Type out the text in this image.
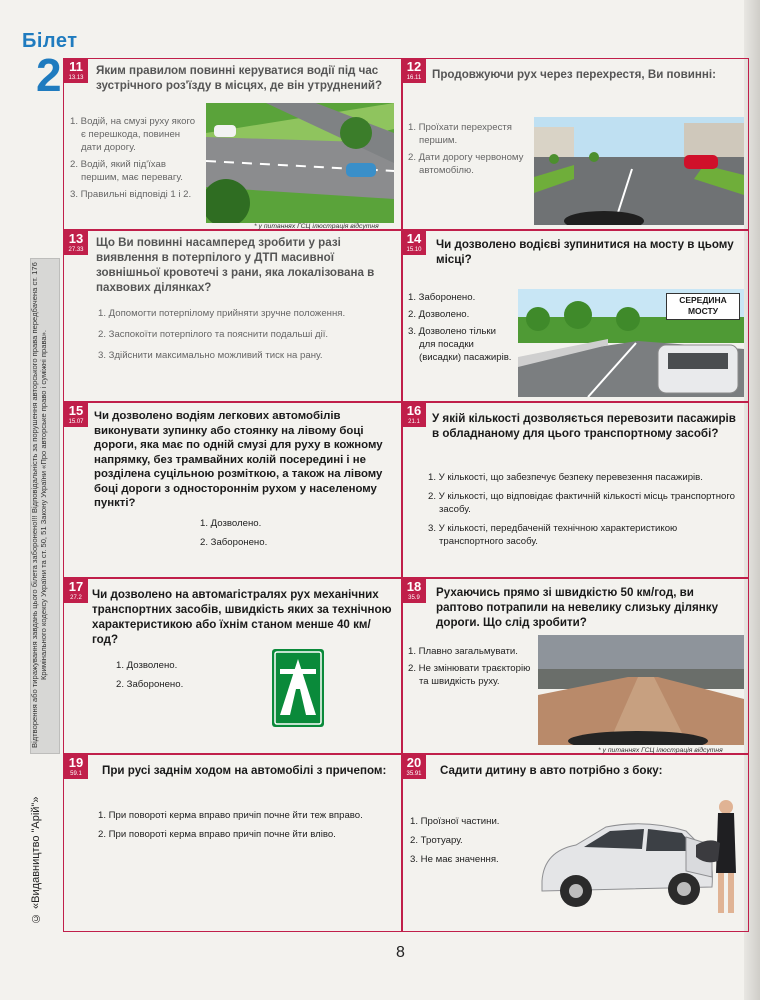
Білет
2
Відтворення або тиражування завдань цього білета заборонено!!! Відповідальність за порушення авторського права передбачена ст. 176 Кримінального кодексу України та ст. 50, 51 Закону України «Про авторське право і суміжні права».
© «Видавництво "Арій"»
11
13.13
Яким правилом повинні керуватися водії під час зустрічного роз'їзду в місцях, де він утруднений?

1. Водій, на смузі руху якого є перешкода, повинен дати дорогу.

2. Водій, який під'їхав першим, має перевагу.

3. Правильні відповіді 1 і 2.

* у питаннях ГСЦ ілюстрація відсутня
12
16.11 Продовжуючи рух через перехрестя, Ви повинні:

1. Проїхати перехрестя першим.

2. Дати дорогу червоному автомобілю.

13
27.33
Що Ви повинні насамперед зробити у разі виявлення в потерпілого у ДТП масивної зовнішньої кровотечі з рани, яка локалізована в пахвових ділянках?

1. Допомогти потерпілому прийняти зручне положення.

2. Заспокоїти потерпілого та пояснити подальші дії.

3. Здійснити максимально можливий тиск на рану.

14
15.10	Чи дозволено водієві зупинитися на мосту в цьому місці?

1. Заборонено.

2. Дозволено.

3. Дозволено тільки для посадки (висадки) пасажирів.

СЕРЕДИНА МОСТУ
15
15.07 Чи дозволено водіям легкових автомобілів виконувати зупинку або стоянку на лівому боці дороги, яка має по одній смузі для руху в кожному напрямку, без трамвайних колій посередині і не розділена суцільною розміткою, а також на лівому боці дороги з одностороннім рухом у населеному пункті?

1. Дозволено.

2. Заборонено.

16
21.1	У якій кількості дозволяється перевозити пасажирів в обладнаному для цього транспортному засобі?

1. У кількості, що забезпечує безпеку перевезення пасажирів.

2. У кількості, що відповідає фактичній кількості місць транспортного засобу.

3. У кількості, передбаченій технічною характеристикою транспортного засобу.

17
27.2 Чи дозволено на автомагістралях рух механічних транспортних засобів, швидкість яких за технічною характеристикою або їхнім станом менше 40 км/год?

1. Дозволено.

2. Заборонено.

18
35.9	Рухаючись прямо зі швидкістю 50 км/год, ви раптово потрапили на невелику слизьку ділянку дороги. Що слід зробити?

1. Плавно загальмувати.

2. Не змінювати траєкторію та швидкість руху.

* у питаннях ГСЦ ілюстрація відсутня
19
59.1	При русі заднім ходом на автомобілі з причепом:

1. При повороті керма вправо причіп почне йти теж вправо.

2. При повороті керма вправо причіп почне йти вліво.

20
35.91	Садити дитину в авто потрібно з боку:

1. Проїзної частини.

2. Тротуару.

3. Не має значення.

8
